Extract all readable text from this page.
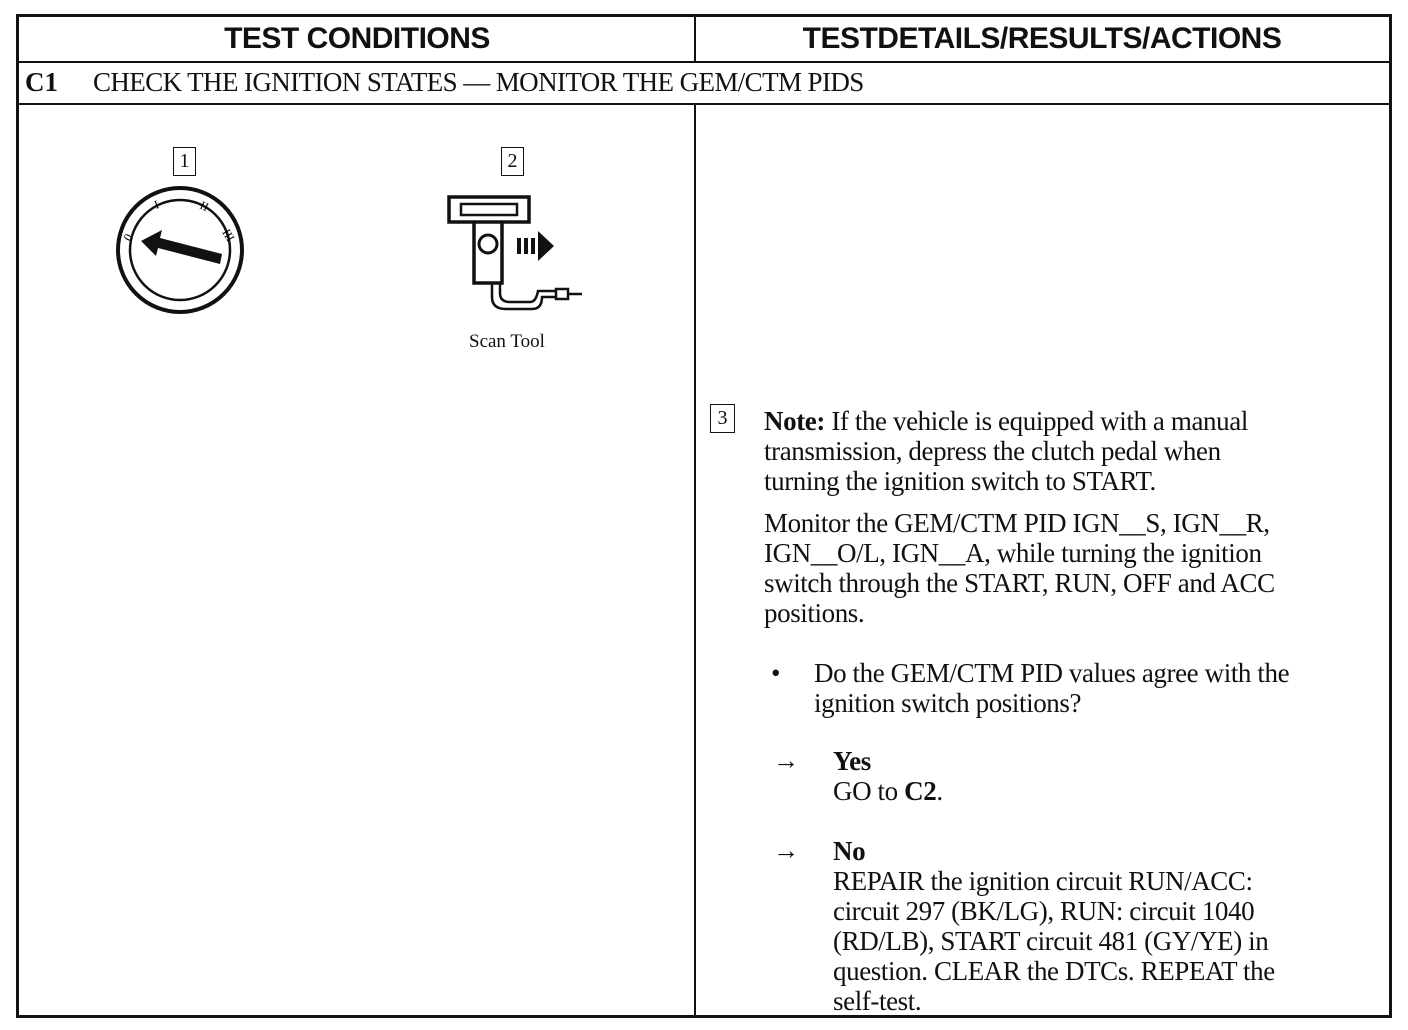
TEST CONDITIONS	TESTDETAILS/RESULTS/ACTIONS
C1 CHECK THE IGNITION STATES — MONITOR THE GEM/CTM PIDS
1
0
I	II
III
2
Scan Tool
3 Note: If the vehicle is equipped with a manual
transmission, depress the clutch pedal when
turning the ignition switch to START.
Monitor the GEM/CTM PID IGN__S, IGN__R,
IGN__O/L, IGN__A, while turning the ignition
switch through the START, RUN, OFF and ACC
positions.
• Do the GEM/CTM PID values agree with the
ignition switch positions?
→ Yes
GO to C2.
→ No
REPAIR the ignition circuit RUN/ACC:
circuit 297 (BK/LG), RUN: circuit 1040
(RD/LB), START circuit 481 (GY/YE) in
question. CLEAR the DTCs. REPEAT the
self-test.
